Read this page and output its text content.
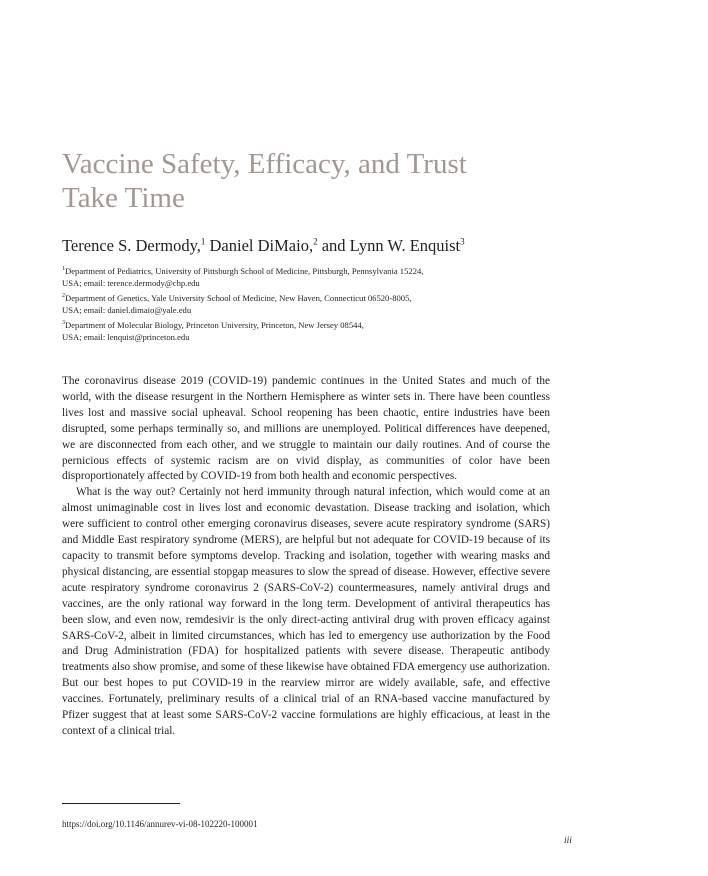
Vaccine Safety, Efficacy, and Trust
Take Time
Terence S. Dermody,$^1$ Daniel DiMaio,$^2$ and Lynn W. Enquist$^3$
$^1$Department of Pediatrics, University of Pittsburgh School of Medicine, Pittsburgh, Pennsylvania 15224,
USA; email: terence.dermody@chp.edu
$^2$Department of Genetics, Yale University School of Medicine, New Haven, Connecticut 06520-8005,
USA; email: daniel.dimaio@yale.edu
$^3$Department of Molecular Biology, Princeton University, Princeton, New Jersey 08544,
USA; email: lenquist@princeton.edu

The coronavirus disease 2019 (COVID-19) pandemic continues in the United States and much of the world, with the disease resurgent in the Northern Hemisphere as winter sets in. There have been countless lives lost and massive social upheaval. School reopening has been chaotic, entire industries have been disrupted, some perhaps terminally so, and millions are unemployed. Political differences have deepened, we are disconnected from each other, and we struggle to maintain our daily routines. And of course the pernicious effects of systemic racism are on vivid display, as communities of color have been disproportionately affected by COVID-19 from both health and economic perspectives.

What is the way out? Certainly not herd immunity through natural infection, which would come at an almost unimaginable cost in lives lost and economic devastation. Disease tracking and isolation, which were sufficient to control other emerging coronavirus diseases, severe acute respiratory syndrome (SARS) and Middle East respiratory syndrome (MERS), are helpful but not adequate for COVID-19 because of its capacity to transmit before symptoms develop. Tracking and isolation, together with wearing masks and physical distancing, are essential stopgap measures to slow the spread of disease. However, effective severe acute respiratory syndrome coronavirus 2 (SARS-CoV-2) countermeasures, namely antiviral drugs and vaccines, are the only rational way forward in the long term. Development of antiviral therapeutics has been slow, and even now, remdesivir is the only direct-acting antiviral drug with proven efficacy against SARS-CoV-2, albeit in limited circumstances, which has led to emergency use authorization by the Food and Drug Administration (FDA) for hospitalized patients with severe disease. Therapeutic antibody treatments also show promise, and some of these likewise have obtained FDA emergency use authorization. But our best hopes to put COVID-19 in the rearview mirror are widely available, safe, and effective vaccines. Fortunately, preliminary results of a clinical trial of an RNA-based vaccine manufactured by Pfizer suggest that at least some SARS-CoV-2 vaccine formulations are highly efficacious, at least in the context of a clinical trial.

https://doi.org/10.1146/annurev-vi-08-102220-100001
iii
